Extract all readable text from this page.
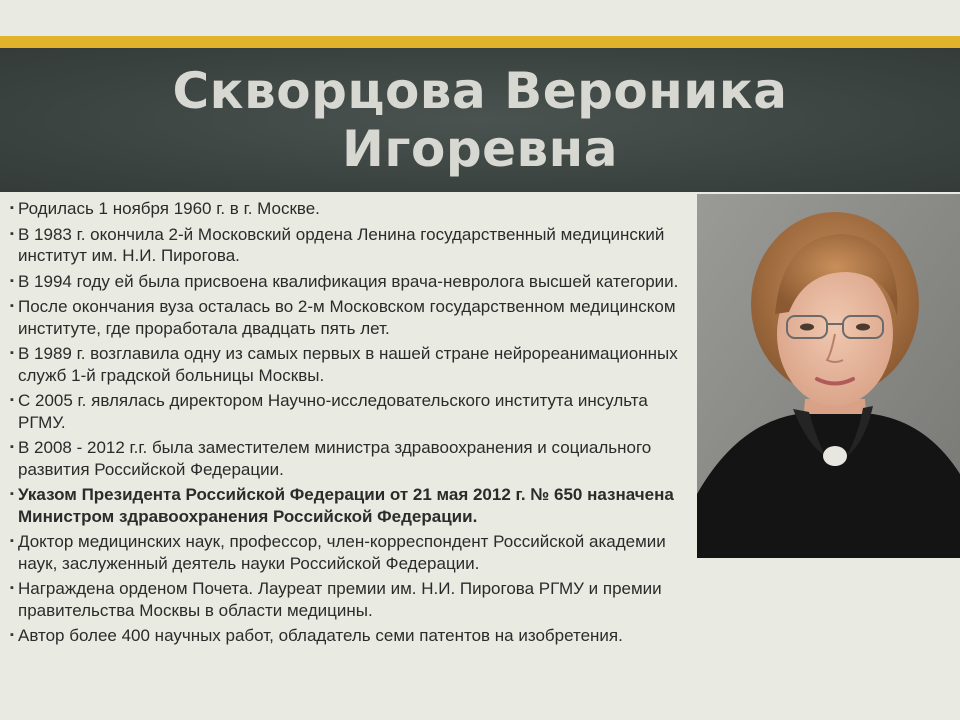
Скворцова Вероника
Игоревна
▪ Родилась 1 ноября 1960 г. в г. Москве.
▪ В 1983 г. окончила 2-й Московский ордена Ленина государственный медицинский институт им. Н.И. Пирогова.
▪ В 1994 году ей была присвоена квалификация врача-невролога высшей категории.
▪ После окончания вуза осталась во 2-м Московском государственном медицинском институте, где проработала двадцать пять лет.
▪ В 1989 г. возглавила одну из самых первых в нашей стране нейрореанимационных служб 1-й градской больницы Москвы.
▪ С 2005 г. являлась директором Научно-исследовательского института инсульта РГМУ.
▪ В 2008 - 2012 г.г. была заместителем министра здравоохранения и социального развития Российской Федерации.
▪ Указом Президента Российской Федерации от 21 мая 2012 г. № 650 назначена Министром здравоохранения Российской Федерации.
▪ Доктор медицинских наук, профессор, член-корреспондент Российской академии наук, заслуженный деятель науки Российской Федерации.
▪ Награждена орденом Почета. Лауреат премии им. Н.И. Пирогова РГМУ и премии правительства Москвы в области медицины.
▪ Автор более 400 научных работ, обладатель семи патентов на изобретения.
